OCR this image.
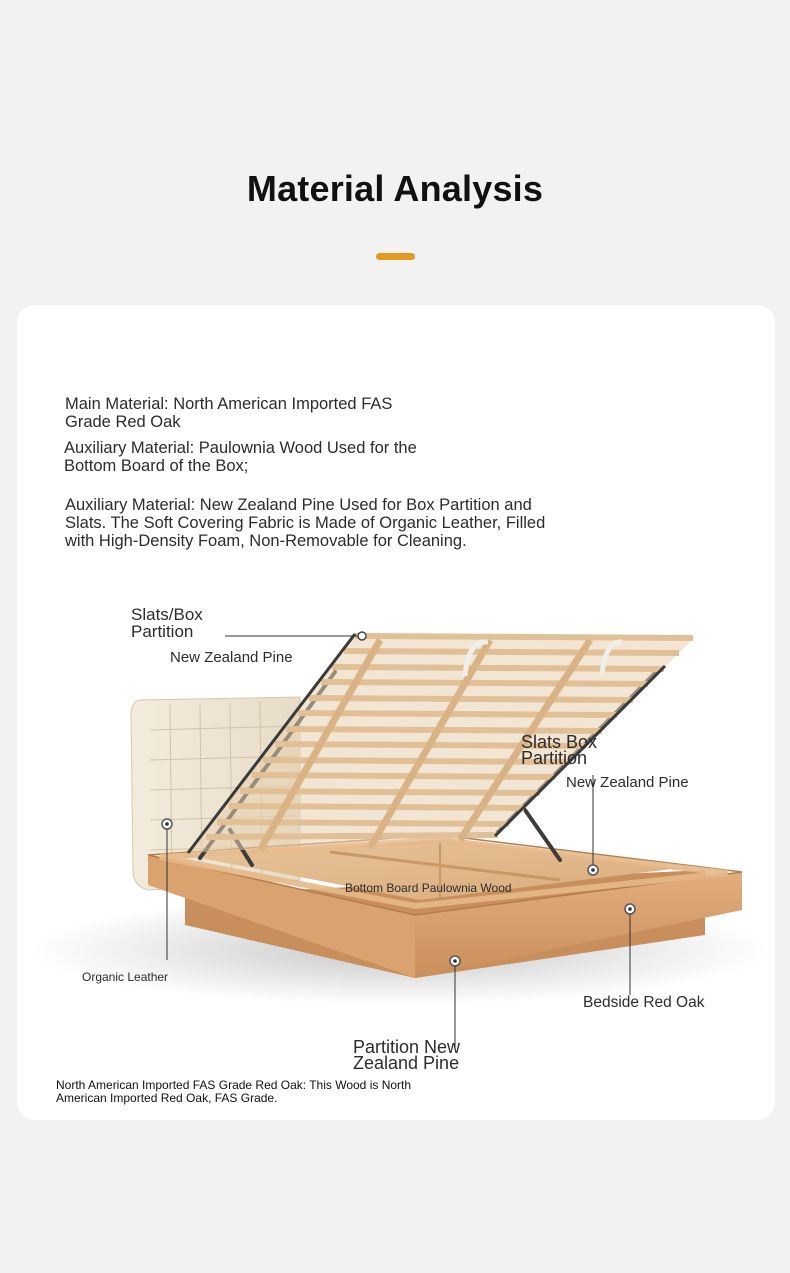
Material Analysis

Main Material: North American Imported FAS Grade Red Oak

Auxiliary Material: Paulownia Wood Used for the Bottom Board of the Box;

Auxiliary Material: New Zealand Pine Used for Box Partition and Slats. The Soft Covering Fabric is Made of Organic Leather, Filled with High-Density Foam, Non-Removable for Cleaning.

Slats/Box Partition

New Zealand Pine

Slats Box Partition

New Zealand Pine

Bottom Board Paulownia Wood

Organic Leather

Bedside Red Oak

Partition New Zealand Pine

North American Imported FAS Grade Red Oak: This Wood is North American Imported Red Oak, FAS Grade.
